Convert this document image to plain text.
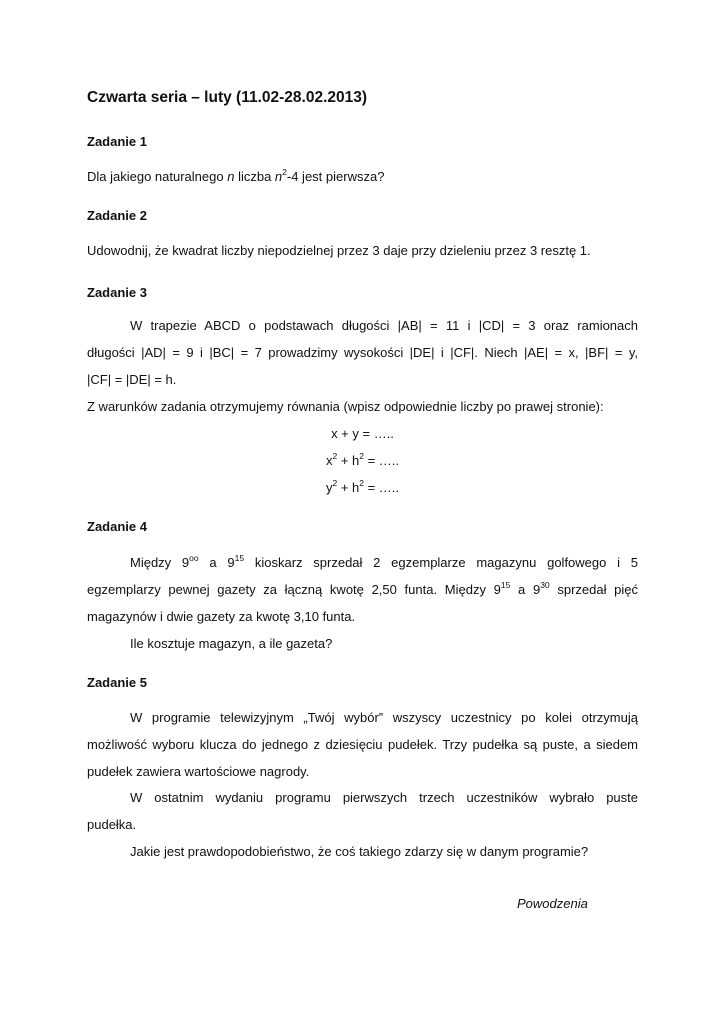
Czwarta seria – luty (11.02-28.02.2013)
Zadanie 1
Dla jakiego naturalnego n liczba $n^2-4$ jest pierwsza?
Zadanie 2
Udowodnij, że kwadrat liczby niepodzielnej przez 3 daje przy dzieleniu przez 3 resztę 1.
Zadanie 3
W trapezie ABCD o podstawach długości |AB| = 11 i |CD| = 3 oraz ramionach
długości |AD| = 9 i |BC| = 7 prowadzimy wysokości |DE| i |CF|. Niech |AE| = x, |BF| = y,
|CF| = |DE| = h.
Z warunków zadania otrzymujemy równania (wpisz odpowiednie liczby po prawej stronie):
x + y = …..
$x^2 + h^2$ = …..
$y^2 + h^2$ = …..
Zadanie 4
Między $9^{oo}$ a $9^{15}$ kioskarz sprzedał 2 egzemplarze magazynu golfowego i 5
egzemplarzy pewnej gazety za łączną kwotę 2,50 funta. Między $9^{15}$ a $9^{30}$ sprzedał pięć
magazynów i dwie gazety za kwotę 3,10 funta.
Ile kosztuje magazyn, a ile gazeta?
Zadanie 5
W programie telewizyjnym „Twój wybór” wszyscy uczestnicy po kolei otrzymują
możliwość wyboru klucza do jednego z dziesięciu pudełek. Trzy pudełka są puste, a siedem
pudełek zawiera wartościowe nagrody.
W ostatnim wydaniu programu pierwszych trzech uczestników wybrało puste
pudełka.
Jakie jest prawdopodobieństwo, że coś takiego zdarzy się w danym programie?
Powodzenia
